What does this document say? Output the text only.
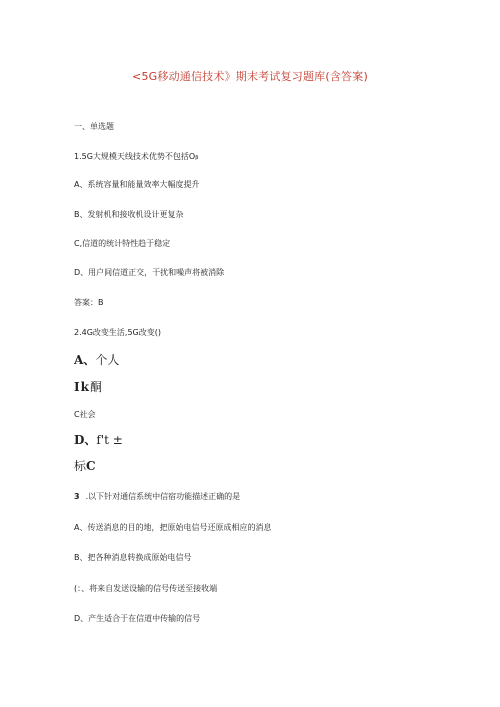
<5G移动通信技术》期末考试复习题库(含答案)
一、单选题
1.5G大规模天线技术优势不包括Oβ
A、系统容量和能量效率大幅度提升
B、发射机和接收机设计更复杂
C,信道的统计特性趋于稳定
D、用户间信道正交，干扰和噪声将被消除
答案：B
2.4G改变生活,5G改变()
A、个人
Ik酮
C社会
D、f't ±
标C
3 .以下针对通信系统中信宿功能描述正确的是
A、传送消息的目的地，把原始电信号还原成相应的消息
B、把各种消息转换成原始电信号
(：、将来自发送设输的信号传送至接收端
D、产生适合于在信道中传输的信号
